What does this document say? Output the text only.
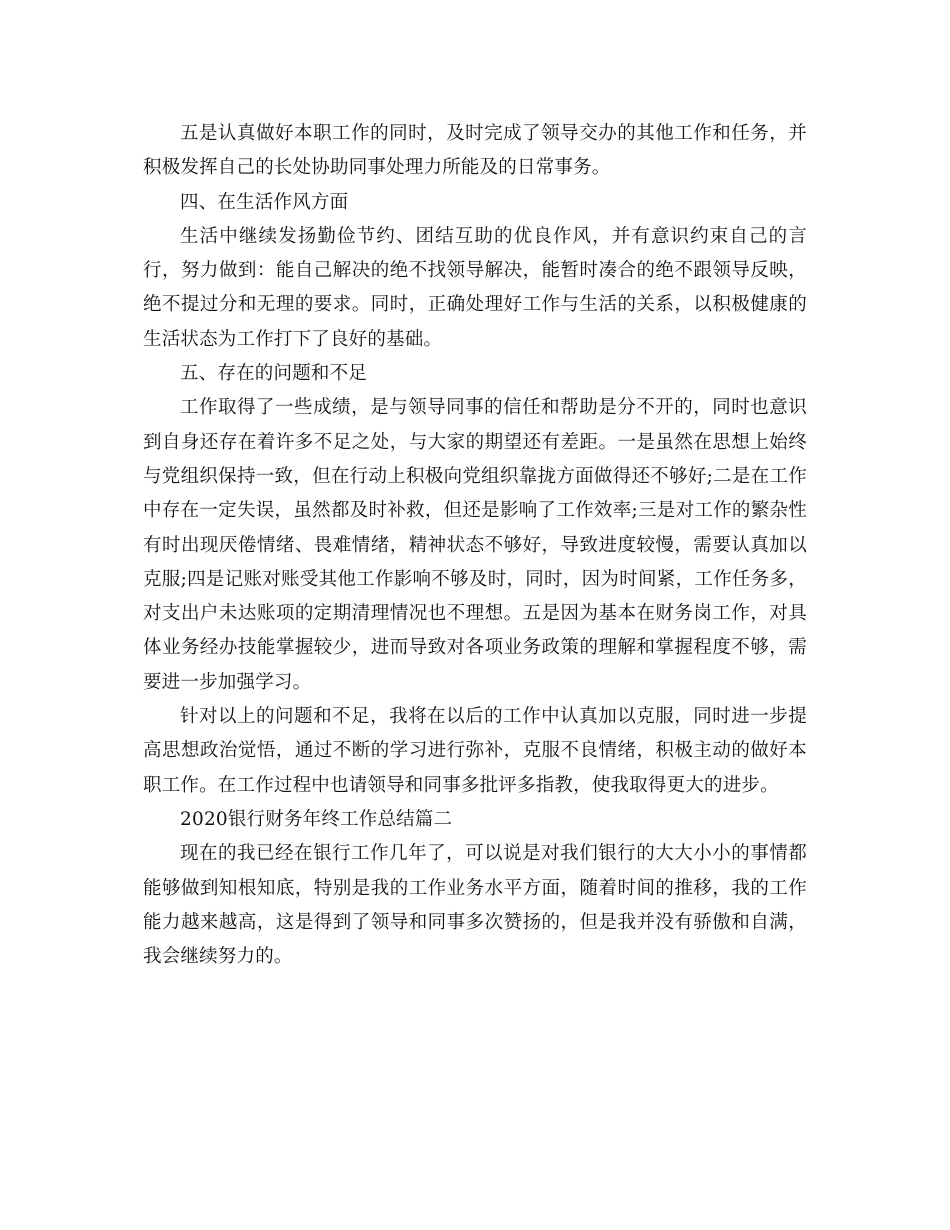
五是认真做好本职工作的同时，及时完成了领导交办的其他工作和任务，并积极发挥自己的长处协助同事处理力所能及的日常事务。

四、在生活作风方面

生活中继续发扬勤俭节约、团结互助的优良作风，并有意识约束自己的言行，努力做到：能自己解决的绝不找领导解决，能暂时凑合的绝不跟领导反映，绝不提过分和无理的要求。同时，正确处理好工作与生活的关系，以积极健康的生活状态为工作打下了良好的基础。

五、存在的问题和不足

工作取得了一些成绩，是与领导同事的信任和帮助是分不开的，同时也意识到自身还存在着许多不足之处，与大家的期望还有差距。一是虽然在思想上始终与党组织保持一致，但在行动上积极向党组织靠拢方面做得还不够好;二是在工作中存在一定失误，虽然都及时补救，但还是影响了工作效率;三是对工作的繁杂性有时出现厌倦情绪、畏难情绪，精神状态不够好，导致进度较慢，需要认真加以克服;四是记账对账受其他工作影响不够及时，同时，因为时间紧，工作任务多，对支出户未达账项的定期清理情况也不理想。五是因为基本在财务岗工作，对具体业务经办技能掌握较少，进而导致对各项业务政策的理解和掌握程度不够，需要进一步加强学习。

针对以上的问题和不足，我将在以后的工作中认真加以克服，同时进一步提高思想政治觉悟，通过不断的学习进行弥补，克服不良情绪，积极主动的做好本职工作。在工作过程中也请领导和同事多批评多指教，使我取得更大的进步。

2020银行财务年终工作总结篇二

现在的我已经在银行工作几年了，可以说是对我们银行的大大小小的事情都能够做到知根知底，特别是我的工作业务水平方面，随着时间的推移，我的工作能力越来越高，这是得到了领导和同事多次赞扬的，但是我并没有骄傲和自满，我会继续努力的。
